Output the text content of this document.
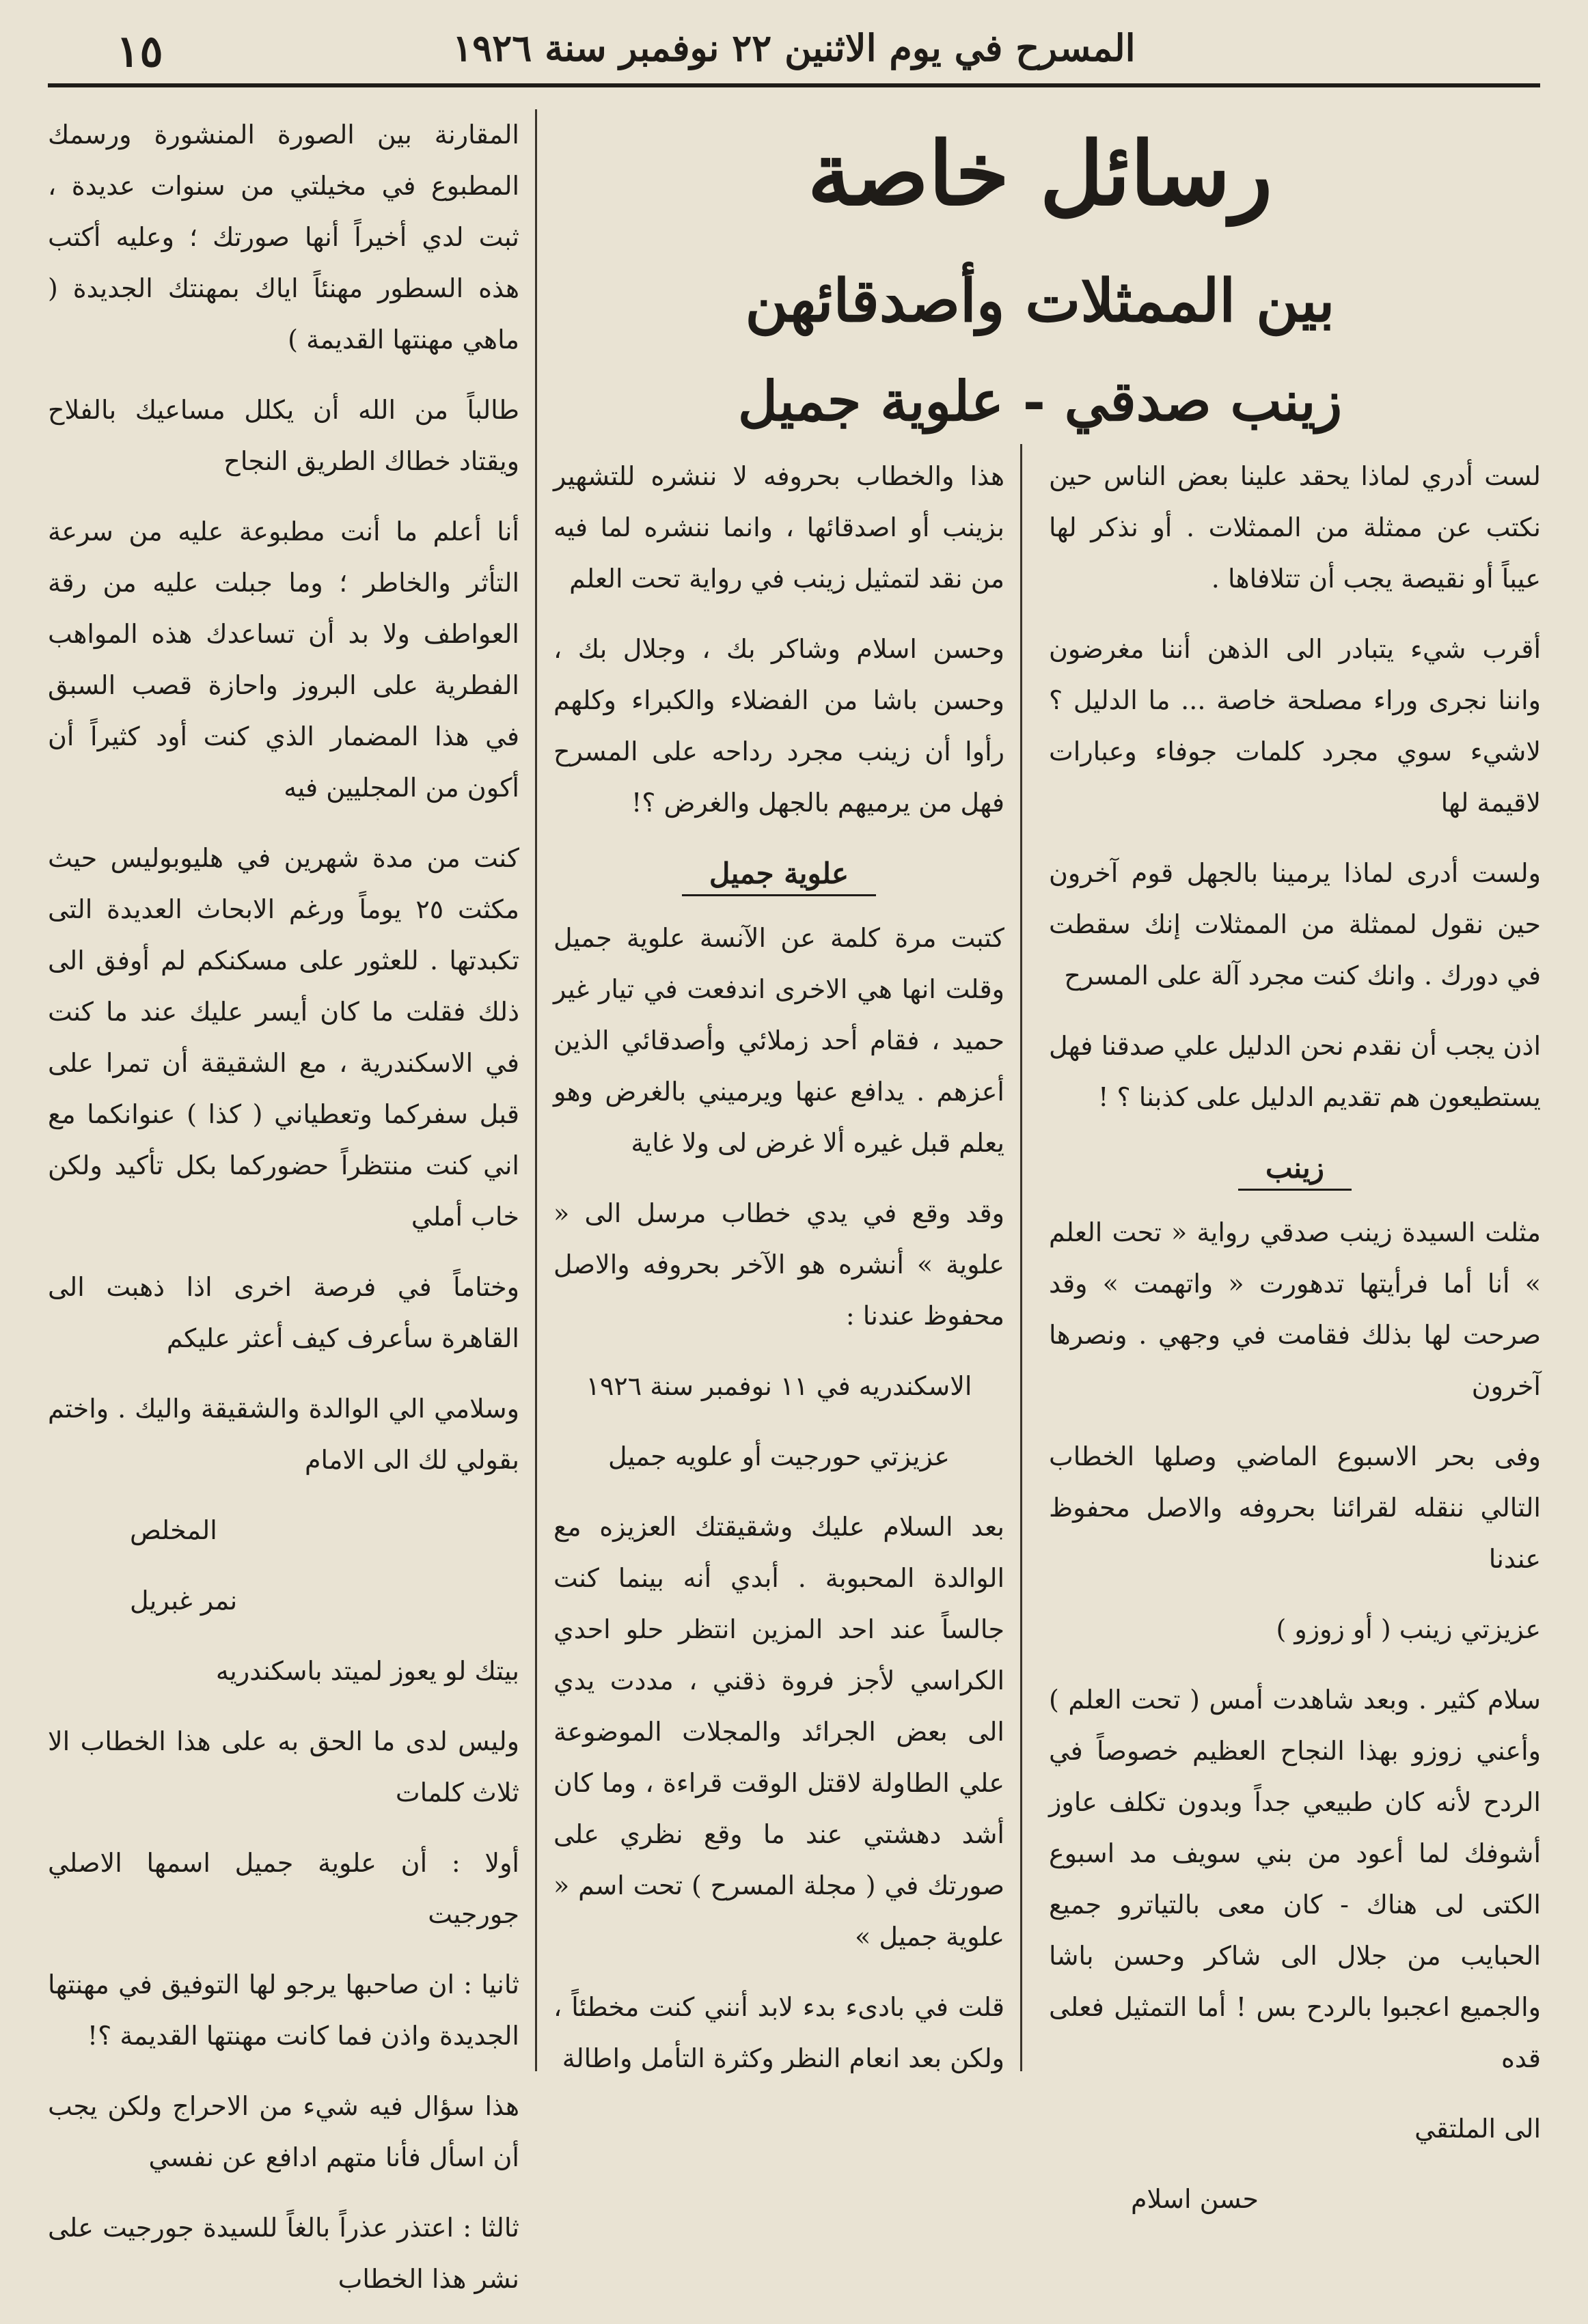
١٥	المسرح في يوم الاثنين ٢٢ نوفمبر سنة ١٩٢٦
رسائل خاصة
بين الممثلات وأصدقائهن
زينب صدقي - علوية جميل

لست أدري لماذا يحقد علينا بعض الناس حين نكتب عن ممثلة من الممثلات . أو نذكر لها عيباً أو نقيصة يجب أن تتلافاها .

أقرب شيء يتبادر الى الذهن أننا مغرضون واننا نجرى وراء مصلحة خاصة ... ما الدليل ؟ لاشيء سوي مجرد كلمات جوفاء وعبارات لاقيمة لها

ولست أدرى لماذا يرمينا بالجهل قوم آخرون حين نقول لممثلة من الممثلات إنك سقطت في دورك . وانك كنت مجرد آلة على المسرح

اذن يجب أن نقدم نحن الدليل علي صدقنا فهل يستطيعون هم تقديم الدليل على كذبنا ؟ !

زينب

مثلت السيدة زينب صدقي رواية « تحت العلم » أنا أما فرأيتها تدهورت « واتهمت » وقد صرحت لها بذلك فقامت في وجهي . ونصرها آخرون

وفى بحر الاسبوع الماضي وصلها الخطاب التالي ننقله لقرائنا بحروفه والاصل محفوظ عندنا

عزيزتي زينب ( أو زوزو )

سلام كثير . وبعد شاهدت أمس ( تحت العلم ) وأعني زوزو بهذا النجاح العظيم خصوصاً في الردح لأنه كان طبيعي جداً وبدون تكلف عاوز أشوفك لما أعود من بني سويف مد اسبوع الكتى لى هناك - كان معى بالتياترو جميع الحبايب من جلال الى شاكر وحسن باشا والجميع اعجبوا بالردح بس ! أما التمثيل فعلى قده

الى الملتقي

حسن اسلام

هذا والخطاب بحروفه لا ننشره للتشهير بزينب أو اصدقائها ، وانما ننشره لما فيه من نقد لتمثيل زينب في رواية تحت العلم

وحسن اسلام وشاكر بك ، وجلال بك ، وحسن باشا من الفضلاء والكبراء وكلهم رأوا أن زينب مجرد رداحه على المسرح فهل من يرميهم بالجهل والغرض ؟!

علوية جميل

كتبت مرة كلمة عن الآنسة علوية جميل وقلت انها هي الاخرى اندفعت في تيار غير حميد ، فقام أحد زملائي وأصدقائي الذين أعزهم . يدافع عنها ويرميني بالغرض وهو يعلم قبل غيره ألا غرض لى ولا غاية

وقد وقع في يدي خطاب مرسل الى « علوية » أنشره هو الآخر بحروفه والاصل محفوظ عندنا :

الاسكندريه في ١١ نوفمبر سنة ١٩٢٦

عزيزتي حورجيت أو علويه جميل

بعد السلام عليك وشقيقتك العزيزه مع الوالدة المحبوبة . أبدي أنه بينما كنت جالساً عند احد المزين انتظر حلو احدي الكراسي لأجز فروة ذقني ، مددت يدي الى بعض الجرائد والمجلات الموضوعة علي الطاولة لاقتل الوقت قراءة ، وما كان أشد دهشتي عند ما وقع نظري على صورتك في ( مجلة المسرح ) تحت اسم « علوية جميل »

قلت في بادىء بدء لابد أنني كنت مخطئاً ، ولكن بعد انعام النظر وكثرة التأمل واطالة

المقارنة بين الصورة المنشورة ورسمك المطبوع في مخيلتي من سنوات عديدة ، ثبت لدي أخيراً أنها صورتك ؛ وعليه أكتب هذه السطور مهنئاً اياك بمهنتك الجديدة ( ماهي مهنتها القديمة )

طالباً من الله أن يكلل مساعيك بالفلاح ويقتاد خطاك الطريق النجاح

أنا أعلم ما أنت مطبوعة عليه من سرعة التأثر والخاطر ؛ وما جبلت عليه من رقة العواطف ولا بد أن تساعدك هذه المواهب الفطرية على البروز واحازة قصب السبق في هذا المضمار الذي كنت أود كثيراً أن أكون من المجليين فيه

كنت من مدة شهرين في هليوبوليس حيث مكثت ٢٥ يوماً ورغم الابحاث العديدة التى تكبدتها . للعثور على مسكنكم لم أوفق الى ذلك فقلت ما كان أيسر عليك عند ما كنت في الاسكندرية ، مع الشقيقة أن تمرا على قبل سفركما وتعطياني ( كذا ) عنوانكما مع اني كنت منتظراً حضوركما بكل تأكيد ولكن خاب أملي

وختاماً في فرصة اخرى اذا ذهبت الى القاهرة سأعرف كيف أعثر عليكم

وسلامي الي الوالدة والشقيقة واليك . واختم بقولي لك الى الامام

المخلص

نمر غبريل

بيتك لو يعوز لميتد باسكندريه

وليس لدى ما الحق به على هذا الخطاب الا ثلاث كلمات

أولا : أن علوية جميل اسمها الاصلي جورجيت

ثانيا : ان صاحبها يرجو لها التوفيق في مهنتها الجديدة واذن فما كانت مهنتها القديمة ؟!

هذا سؤال فيه شيء من الاحراج ولكن يجب أن اسأل فأنا متهم ادافع عن نفسي

ثالثا : اعتذر عذراً بالغاً للسيدة جورجيت على نشر هذا الخطاب
